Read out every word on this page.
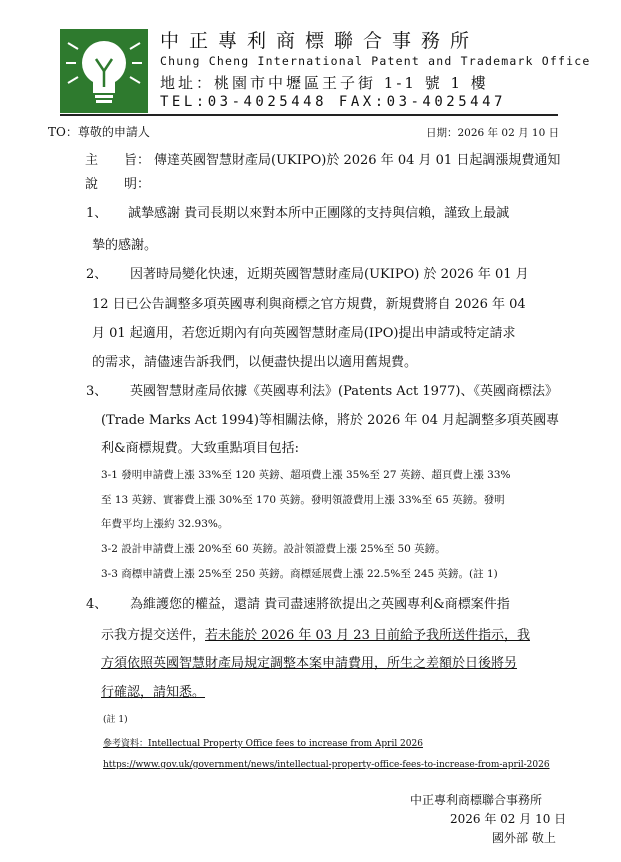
中正專利商標聯合事務所
Chung Cheng International Patent and Trademark Office
地址：桃園市中壢區王子街 1-1 號 1 樓
TEL:03-4025448 FAX:03-4025447
TO：尊敬的申請人	日期：2026 年 02 月 10 日
主　　旨： 傳達英國智慧財產局(UKIPO)於 2026 年 04 月 01 日起調漲規費通知
說　　明：
1、 誠摯感謝 貴司長期以來對本所中正團隊的支持與信賴，謹致上最誠
摯的感謝。
2、 因著時局變化快速，近期英國智慧財產局(UKIPO) 於 2026 年 01 月
12 日已公告調整多項英國專利與商標之官方規費，新規費將自 2026 年 04
月 01 起適用，若您近期內有向英國智慧財產局(IPO)提出申請或特定請求
的需求，請儘速告訴我們，以便盡快提出以適用舊規費。
3、 英國智慧財產局依據《英國專利法》(Patents Act 1977)、《英國商標法》
(Trade Marks Act 1994)等相關法條，將於 2026 年 04 月起調整多項英國專
利&商標規費。大致重點項目包括:
3-1 發明申請費上漲 33%至 120 英鎊、超項費上漲 35%至 27 英鎊、超頁費上漲 33%
至 13 英鎊、實審費上漲 30%至 170 英鎊。發明領證費用上漲 33%至 65 英鎊。發明
年費平均上漲約 32.93%。
3-2 設計申請費上漲 20%至 60 英鎊。設計領證費上漲 25%至 50 英鎊。
3-3 商標申請費上漲 25%至 250 英鎊。商標延展費上漲 22.5%至 245 英鎊。(註 1)
4、 為維護您的權益，還請 貴司盡速將欲提出之英國專利&商標案件指
示我方提交送件，若未能於 2026 年 03 月 23 日前給予我所送件指示，我
方須依照英國智慧財產局規定調整本案申請費用，所生之差額於日後將另
行確認，請知悉。
(註 1)
參考資料：Intellectual Property Office fees to increase from April 2026
https://www.gov.uk/government/news/intellectual-property-office-fees-to-increase-from-april-2026
中正專利商標聯合事務所
2026 年 02 月 10 日
國外部 敬上
